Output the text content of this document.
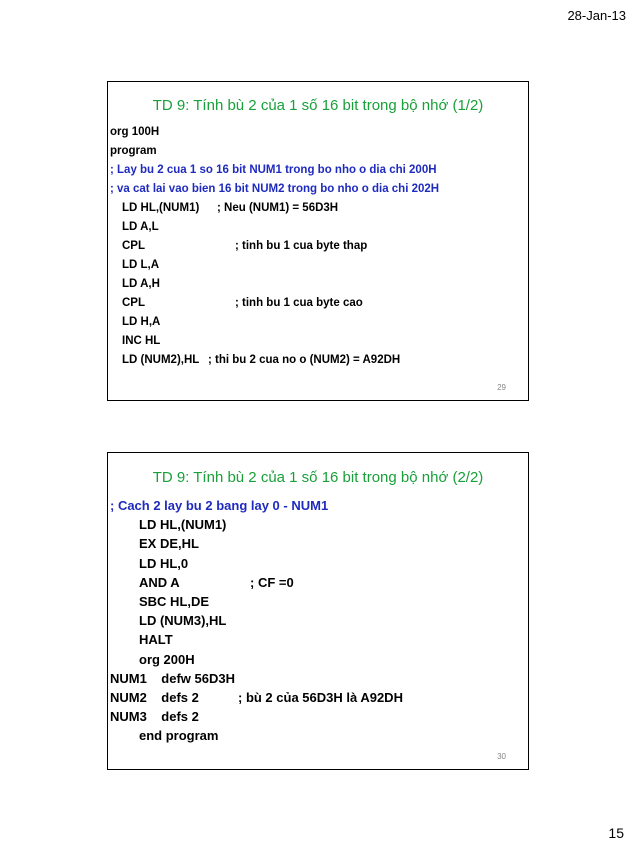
28-Jan-13
TD 9: Tính bù 2 của 1 số 16 bit trong bộ nhớ (1/2)
org 100H
program
; Lay bu 2 cua 1 so 16 bit NUM1 trong bo nho o dia chi 200H
; va cat lai vao bien 16 bit NUM2 trong bo nho o dia chi 202H
LD HL,(NUM1) ; Neu (NUM1) = 56D3H
LD A,L
CPL	; tinh bu 1 cua byte thap
LD L,A
LD A,H
CPL	; tinh bu 1 cua byte cao
LD H,A
INC HL
LD (NUM2),HL ; thi bu 2 cua no o (NUM2) = A92DH
29
TD 9: Tính bù 2 của 1 số 16 bit trong bộ nhớ (2/2)
; Cach 2 lay bu 2 bang lay 0 - NUM1
LD HL,(NUM1)
EX DE,HL
LD HL,0
AND A	; CF =0
SBC HL,DE
LD (NUM3),HL
HALT
org 200H
NUM1    defw 56D3H
NUM2    defs 2	; bù 2 của 56D3H là A92DH
NUM3    defs 2
end program
30
15
